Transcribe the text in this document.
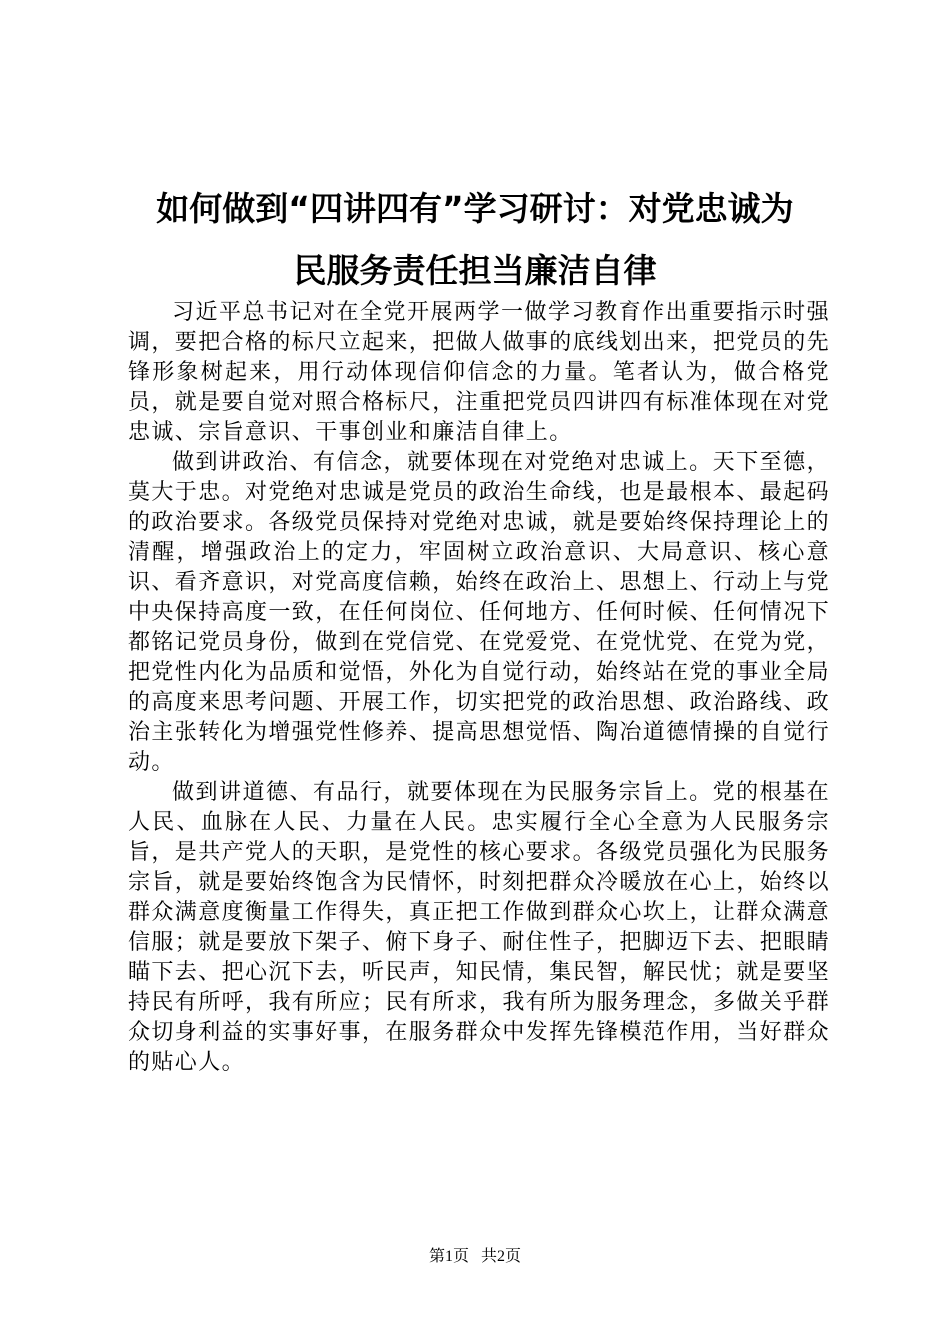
如何做到“四讲四有”学习研讨：对党忠诚为
民服务责任担当廉洁自律

习近平总书记对在全党开展两学一做学习教育作出重要指示时强调，要把合格的标尺立起来，把做人做事的底线划出来，把党员的先锋形象树起来，用行动体现信仰信念的力量。笔者认为，做合格党员，就是要自觉对照合格标尺，注重把党员四讲四有标准体现在对党忠诚、宗旨意识、干事创业和廉洁自律上。

做到讲政治、有信念，就要体现在对党绝对忠诚上。天下至德，莫大于忠。对党绝对忠诚是党员的政治生命线，也是最根本、最起码的政治要求。各级党员保持对党绝对忠诚，就是要始终保持理论上的清醒，增强政治上的定力，牢固树立政治意识、大局意识、核心意识、看齐意识，对党高度信赖，始终在政治上、思想上、行动上与党中央保持高度一致，在任何岗位、任何地方、任何时候、任何情况下都铭记党员身份，做到在党信党、在党爱党、在党忧党、在党为党，把党性内化为品质和觉悟，外化为自觉行动，始终站在党的事业全局的高度来思考问题、开展工作，切实把党的政治思想、政治路线、政治主张转化为增强党性修养、提高思想觉悟、陶冶道德情操的自觉行动。

做到讲道德、有品行，就要体现在为民服务宗旨上。党的根基在人民、血脉在人民、力量在人民。忠实履行全心全意为人民服务宗旨，是共产党人的天职，是党性的核心要求。各级党员强化为民服务宗旨，就是要始终饱含为民情怀，时刻把群众冷暖放在心上，始终以群众满意度衡量工作得失，真正把工作做到群众心坎上，让群众满意信服；就是要放下架子、俯下身子、耐住性子，把脚迈下去、把眼睛瞄下去、把心沉下去，听民声，知民情，集民智，解民忧；就是要坚持民有所呼，我有所应；民有所求，我有所为服务理念，多做关乎群众切身利益的实事好事，在服务群众中发挥先锋模范作用，当好群众的贴心人。

第1页 共2页
